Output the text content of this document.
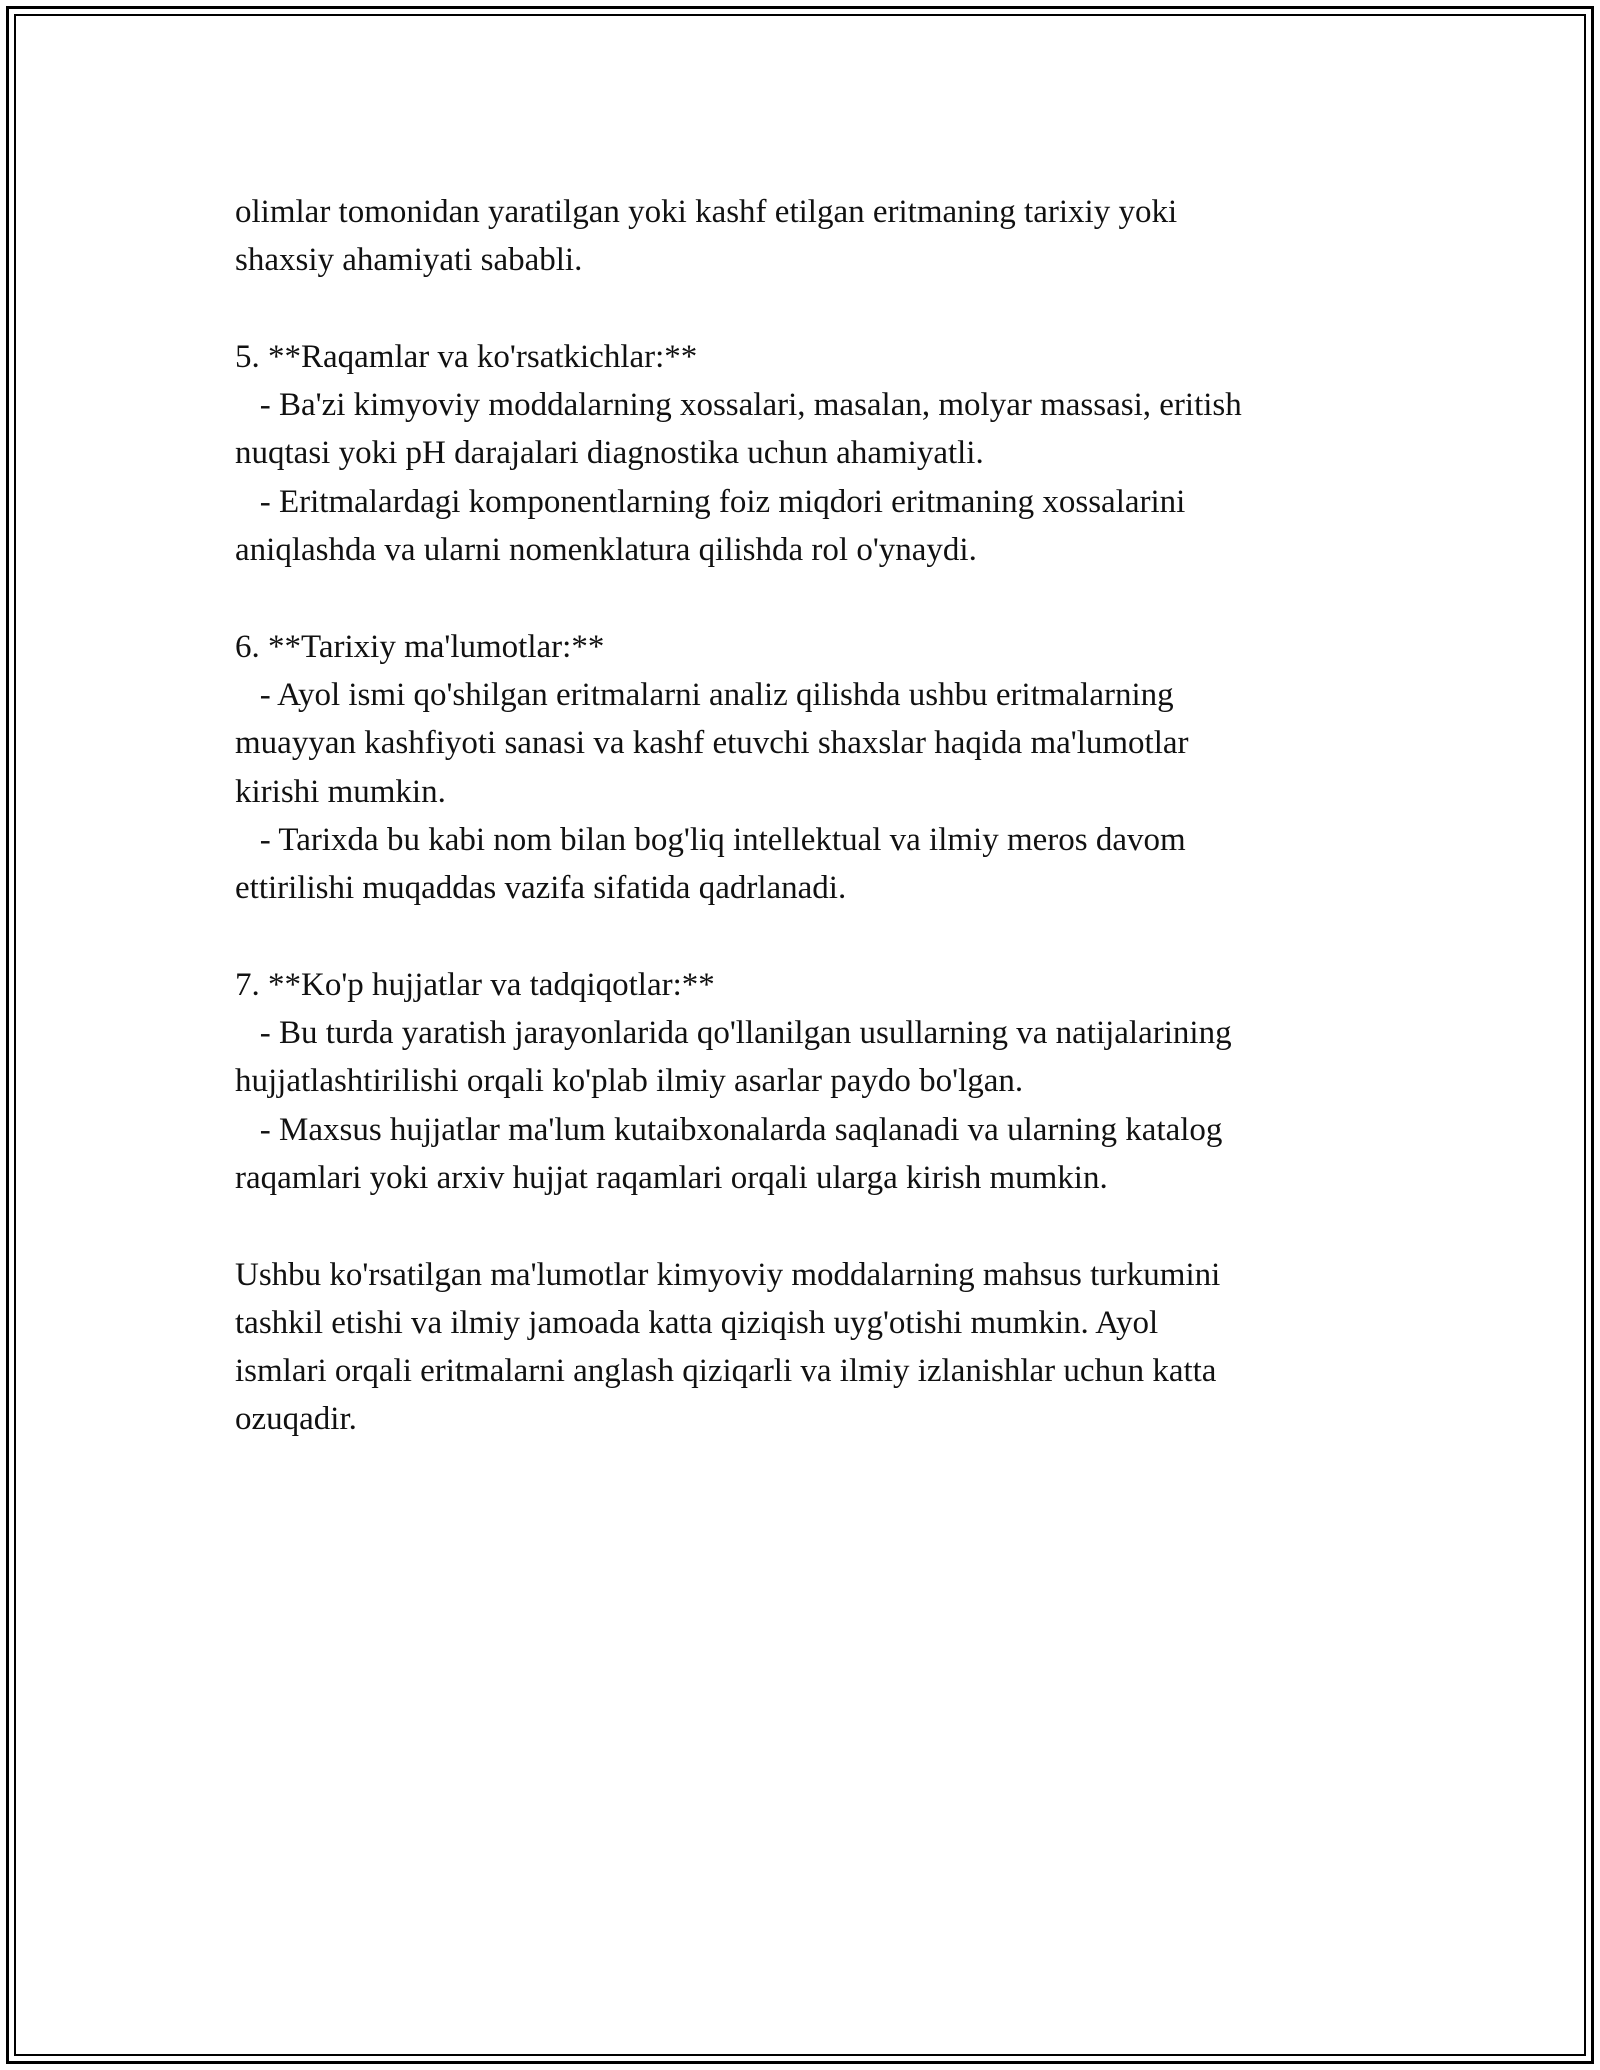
olimlar tomonidan yaratilgan yoki kashf etilgan eritmaning tarixiy yoki
shaxsiy ahamiyati sababli.
5. **Raqamlar va ko'rsatkichlar:**
- Ba'zi kimyoviy moddalarning xossalari, masalan, molyar massasi, eritish
nuqtasi yoki pH darajalari diagnostika uchun ahamiyatli.
- Eritmalardagi komponentlarning foiz miqdori eritmaning xossalarini
aniqlashda va ularni nomenklatura qilishda rol o'ynaydi.
6. **Tarixiy ma'lumotlar:**
- Ayol ismi qo'shilgan eritmalarni analiz qilishda ushbu eritmalarning
muayyan kashfiyoti sanasi va kashf etuvchi shaxslar haqida ma'lumotlar
kirishi mumkin.
- Tarixda bu kabi nom bilan bog'liq intellektual va ilmiy meros davom
ettirilishi muqaddas vazifa sifatida qadrlanadi.
7. **Ko'p hujjatlar va tadqiqotlar:**
- Bu turda yaratish jarayonlarida qo'llanilgan usullarning va natijalarining
hujjatlashtirilishi orqali ko'plab ilmiy asarlar paydo bo'lgan.
- Maxsus hujjatlar ma'lum kutaibxonalarda saqlanadi va ularning katalog
raqamlari yoki arxiv hujjat raqamlari orqali ularga kirish mumkin.
Ushbu ko'rsatilgan ma'lumotlar kimyoviy moddalarning mahsus turkumini
tashkil etishi va ilmiy jamoada katta qiziqish uyg'otishi mumkin. Ayol
ismlari orqali eritmalarni anglash qiziqarli va ilmiy izlanishlar uchun katta
ozuqadir.
